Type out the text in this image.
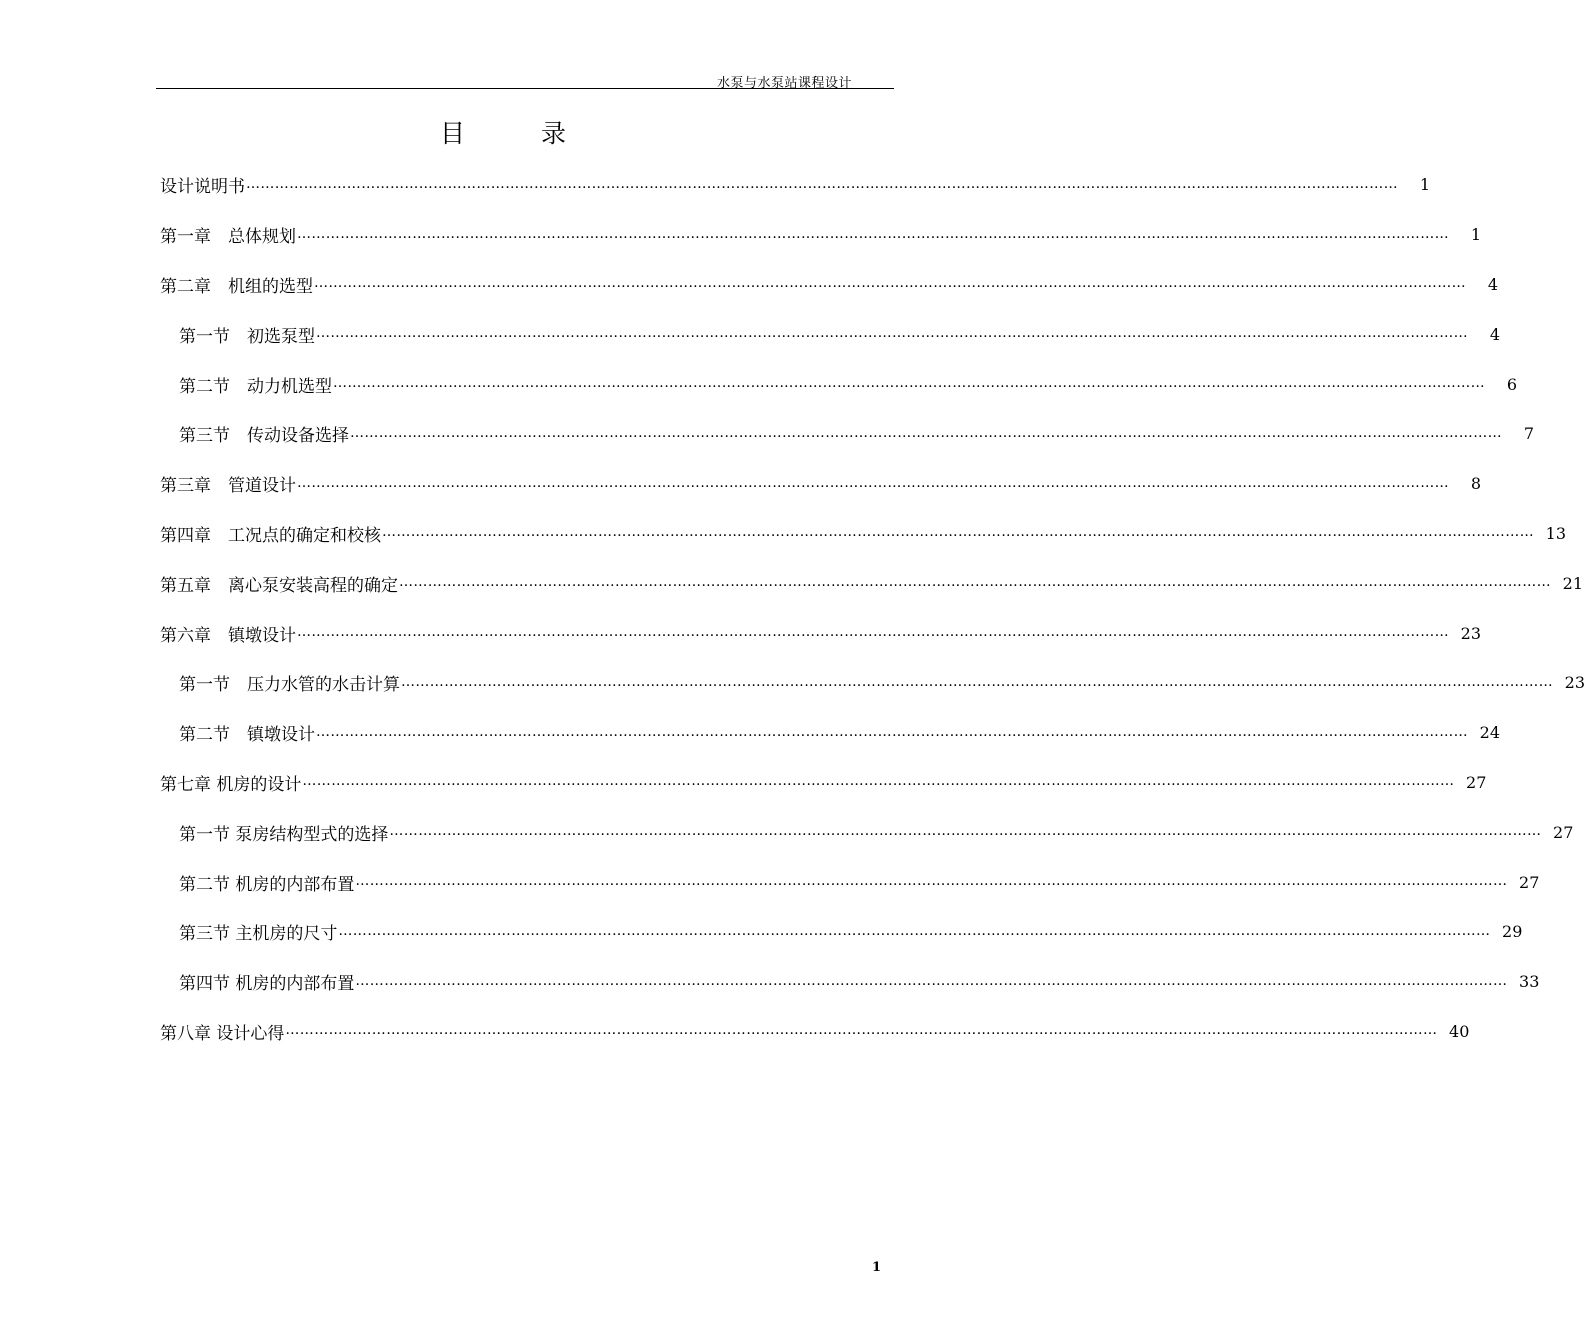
水泵与水泵站课程设计
目 录
设计说明书 ……………………………………………………………………………………………………………………………………………………………………………………………………………………	1
第一章　总体规划 ……………………………………………………………………………………………………………………………………………………………………………………………………………………	1
第二章　机组的选型 ……………………………………………………………………………………………………………………………………………………………………………………………………………………	4
第一节　初选泵型 ……………………………………………………………………………………………………………………………………………………………………………………………………………………	4
第二节　动力机选型 ……………………………………………………………………………………………………………………………………………………………………………………………………………………	6
第三节　传动设备选择 ……………………………………………………………………………………………………………………………………………………………………………………………………………………	7
第三章　管道设计 ……………………………………………………………………………………………………………………………………………………………………………………………………………………	8
第四章　工况点的确定和校核 …………………………………………………………………………………………………………………………………………………………………………………………………………………… 13
第五章　离心泵安装高程的确定 …………………………………………………………………………………………………………………………………………………………………………………………………………………… 21
第六章　镇墩设计 …………………………………………………………………………………………………………………………………………………………………………………………………………………… 23
第一节　压力水管的水击计算 …………………………………………………………………………………………………………………………………………………………………………………………………………………… 23
第二节　镇墩设计 …………………………………………………………………………………………………………………………………………………………………………………………………………………… 24
第七章 机房的设计 …………………………………………………………………………………………………………………………………………………………………………………………………………………… 27
第一节 泵房结构型式的选择 …………………………………………………………………………………………………………………………………………………………………………………………………………………… 27
第二节 机房的内部布置 …………………………………………………………………………………………………………………………………………………………………………………………………………………… 27
第三节 主机房的尺寸 …………………………………………………………………………………………………………………………………………………………………………………………………………………… 29
第四节 机房的内部布置 …………………………………………………………………………………………………………………………………………………………………………………………………………………… 33
第八章 设计心得 …………………………………………………………………………………………………………………………………………………………………………………………………………………… 40
1
